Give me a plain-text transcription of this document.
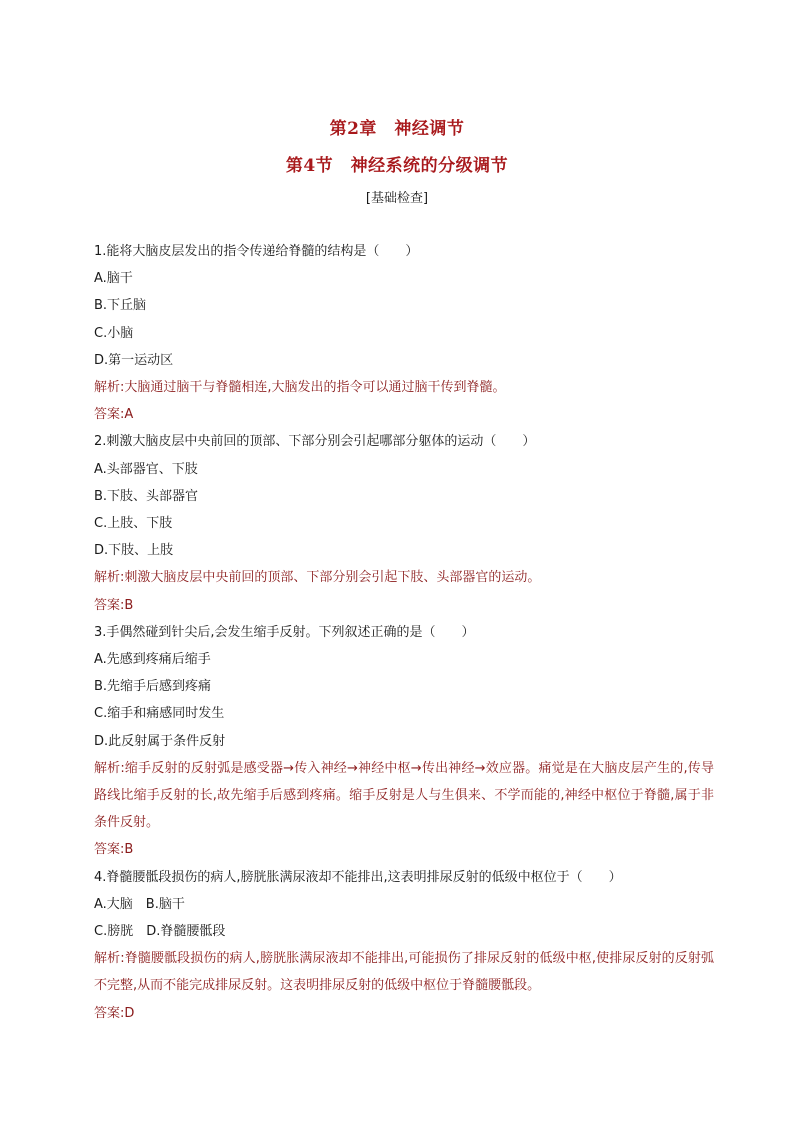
第2章　神经调节
第4节　神经系统的分级调节
[基础检查]

1.能将大脑皮层发出的指令传递给脊髓的结构是（　　）

A.脑干

B.下丘脑

C.小脑

D.第一运动区

解析:大脑通过脑干与脊髓相连,大脑发出的指令可以通过脑干传到脊髓。

答案:A

2.刺激大脑皮层中央前回的顶部、下部分别会引起哪部分躯体的运动（　　）

A.头部器官、下肢

B.下肢、头部器官

C.上肢、下肢

D.下肢、上肢

解析:刺激大脑皮层中央前回的顶部、下部分别会引起下肢、头部器官的运动。

答案:B

3.手偶然碰到针尖后,会发生缩手反射。下列叙述正确的是（　　）

A.先感到疼痛后缩手

B.先缩手后感到疼痛

C.缩手和痛感同时发生

D.此反射属于条件反射

解析:缩手反射的反射弧是感受器→传入神经→神经中枢→传出神经→效应器。痛觉是在大脑皮层产生的,传导路线比缩手反射的长,故先缩手后感到疼痛。缩手反射是人与生俱来、不学而能的,神经中枢位于脊髓,属于非条件反射。

答案:B

4.脊髓腰骶段损伤的病人,膀胱胀满尿液却不能排出,这表明排尿反射的低级中枢位于（　　）

A.大脑　B.脑干

C.膀胱　D.脊髓腰骶段

解析:脊髓腰骶段损伤的病人,膀胱胀满尿液却不能排出,可能损伤了排尿反射的低级中枢,使排尿反射的反射弧不完整,从而不能完成排尿反射。这表明排尿反射的低级中枢位于脊髓腰骶段。

答案:D
